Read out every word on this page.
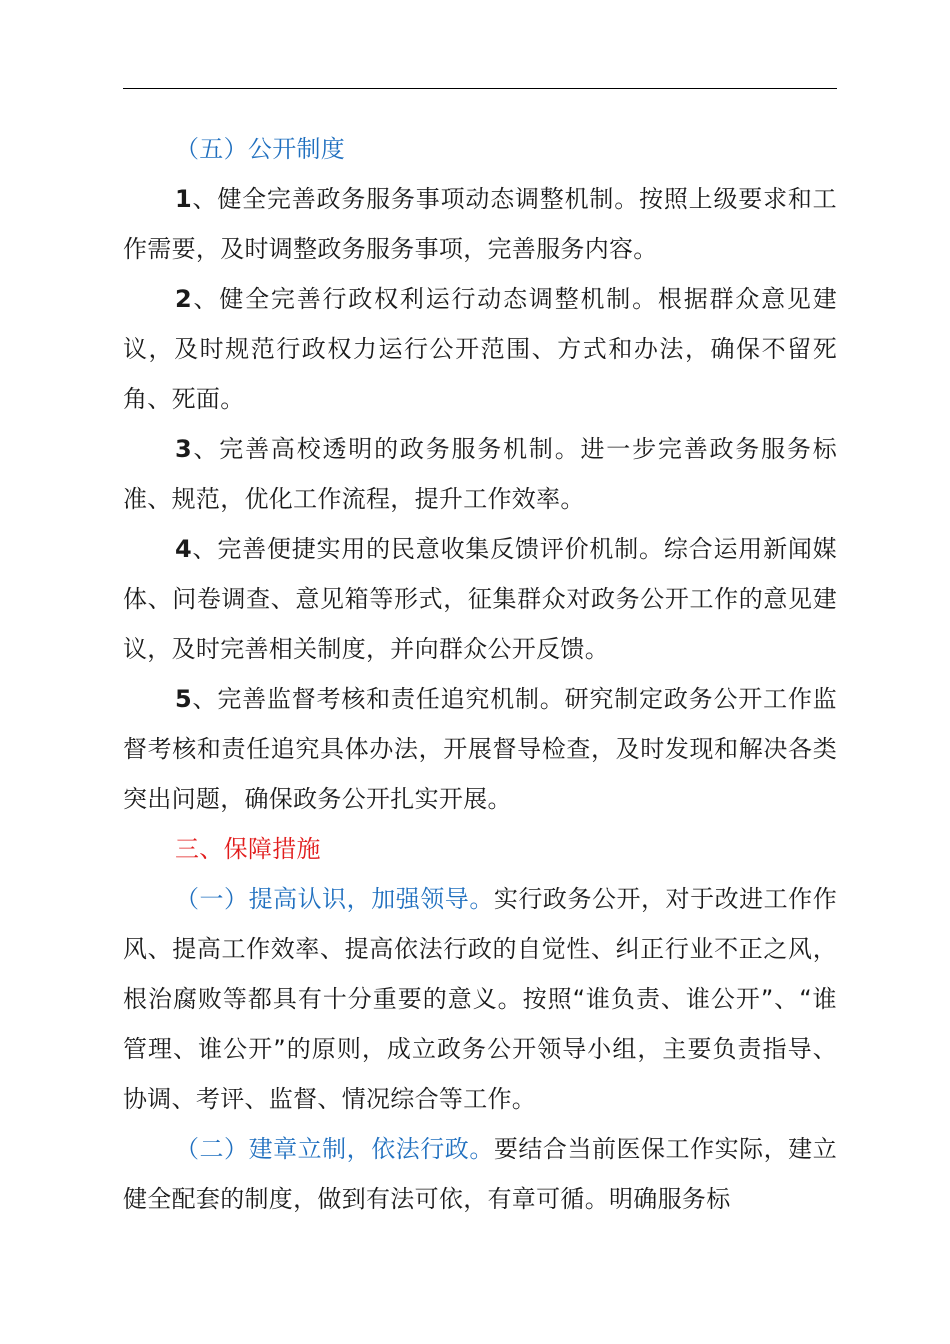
（五）公开制度

1、健全完善政务服务事项动态调整机制。按照上级要求和工作需要，及时调整政务服务事项，完善服务内容。

2、健全完善行政权利运行动态调整机制。根据群众意见建议，及时规范行政权力运行公开范围、方式和办法，确保不留死角、死面。

3、完善高校透明的政务服务机制。进一步完善政务服务标准、规范，优化工作流程，提升工作效率。

4、完善便捷实用的民意收集反馈评价机制。综合运用新闻媒体、问卷调查、意见箱等形式，征集群众对政务公开工作的意见建议，及时完善相关制度，并向群众公开反馈。

5、完善监督考核和责任追究机制。研究制定政务公开工作监督考核和责任追究具体办法，开展督导检查，及时发现和解决各类突出问题，确保政务公开扎实开展。

三、保障措施

（一）提高认识，加强领导。实行政务公开，对于改进工作作风、提高工作效率、提高依法行政的自觉性、纠正行业不正之风，根治腐败等都具有十分重要的意义。按照“谁负责、谁公开”、“谁管理、谁公开”的原则，成立政务公开领导小组，主要负责指导、协调、考评、监督、情况综合等工作。

（二）建章立制，依法行政。要结合当前医保工作实际，建立健全配套的制度，做到有法可依，有章可循。明确服务标
